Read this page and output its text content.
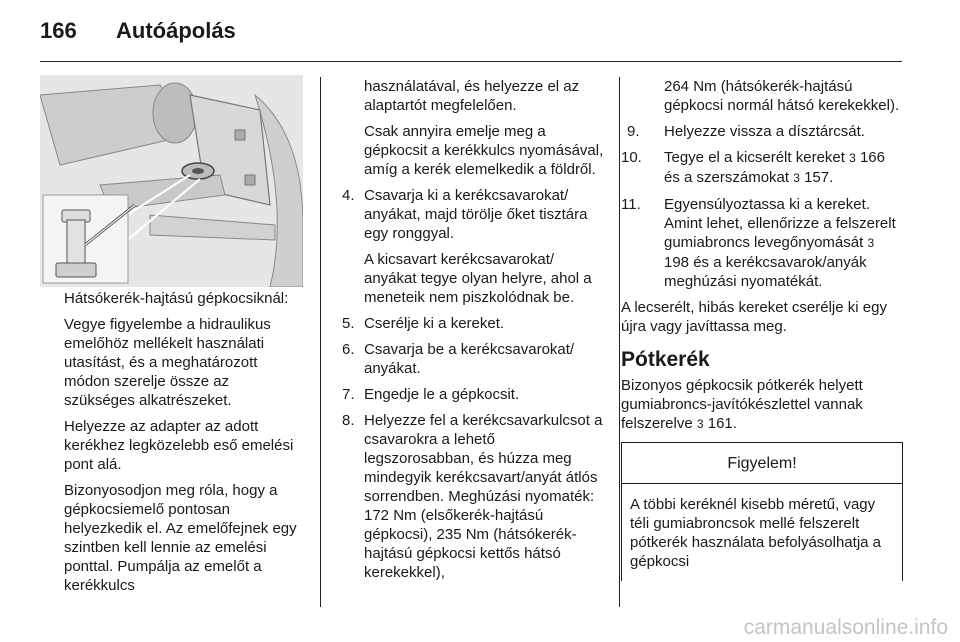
166	Autóápolás

Hátsókerék-hajtású gépkocsiknál:

Vegye figyelembe a hidraulikus emelőhöz mellékelt használati utasítást, és a meghatározott módon szerelje össze az szükséges alkatrészeket.

Helyezze az adapter az adott kerékhez legközelebb eső emelési pont alá.

Bizonyosodjon meg róla, hogy a gépkocsiemelő pontosan helyezkedik el. Az emelőfejnek egy szintben kell lennie az emelési ponttal. Pumpálja az emelőt a kerékkulcs

használatával, és helyezze el az alaptartót megfelelően.

Csak annyira emelje meg a gépkocsit a kerékkulcs nyomásával, amíg a kerék elemelkedik a földről.

4. Csavarja ki a kerékcsavarokat/ anyákat, majd törölje őket tisztára egy ronggyal.
A kicsavart kerékcsavarokat/ anyákat tegye olyan helyre, ahol a meneteik nem piszkolódnak be.
5. Cserélje ki a kereket.
6. Csavarja be a kerékcsavarokat/ anyákat.
7. Engedje le a gépkocsit.
8. Helyezze fel a kerékcsavarkulcsot a csavarokra a lehető legszorosabban, és húzza meg mindegyik kerékcsavart/anyát átlós sorrendben. Meghúzási nyomaték: 172 Nm (elsőkerék-hajtású gépkocsi), 235 Nm (hátsókerék-hajtású gépkocsi kettős hátsó kerekekkel),

264 Nm (hátsókerék-hajtású gépkocsi normál hátsó kerekekkel).

9.	Helyezze vissza a dísztárcsát.
10.	Tegye el a kicserélt kereket 3 166 és a szerszámokat 3 157.
11.	Egyensúlyoztassa ki a kereket. Amint lehet, ellenőrizze a felszerelt gumiabroncs levegőnyomását 3 198 és a kerékcsavarok/anyák meghúzási nyomatékát.

A lecserélt, hibás kereket cserélje ki egy újra vagy javíttassa meg.

Pótkerék

Bizonyos gépkocsik pótkerék helyett gumiabroncs-javítókészlettel vannak felszerelve 3 161.

Figyelem!
A többi keréknél kisebb méretű, vagy téli gumiabroncsok mellé felszerelt pótkerék használata befolyásolhatja a gépkocsi
carmanualsonline.info
